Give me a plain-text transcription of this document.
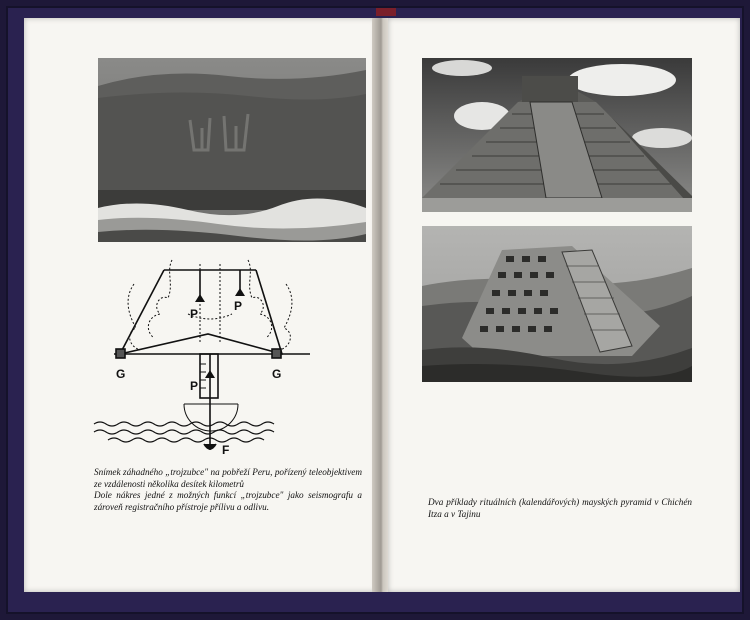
P
P
P
G	G
F

Snímek záhadného „trojzubce" na pobřeží Peru, pořízený teleobjektivem ze vzdálenosti několika desítek kilometrů

Dole nákres jedné z možných funkcí „trojzubce" jako seismografu a zároveň registračního přístroje přílivu a odlivu.	Dva příklady rituálních (kalendářových) mayských pyramid v Chichén Itza a v Tajinu
